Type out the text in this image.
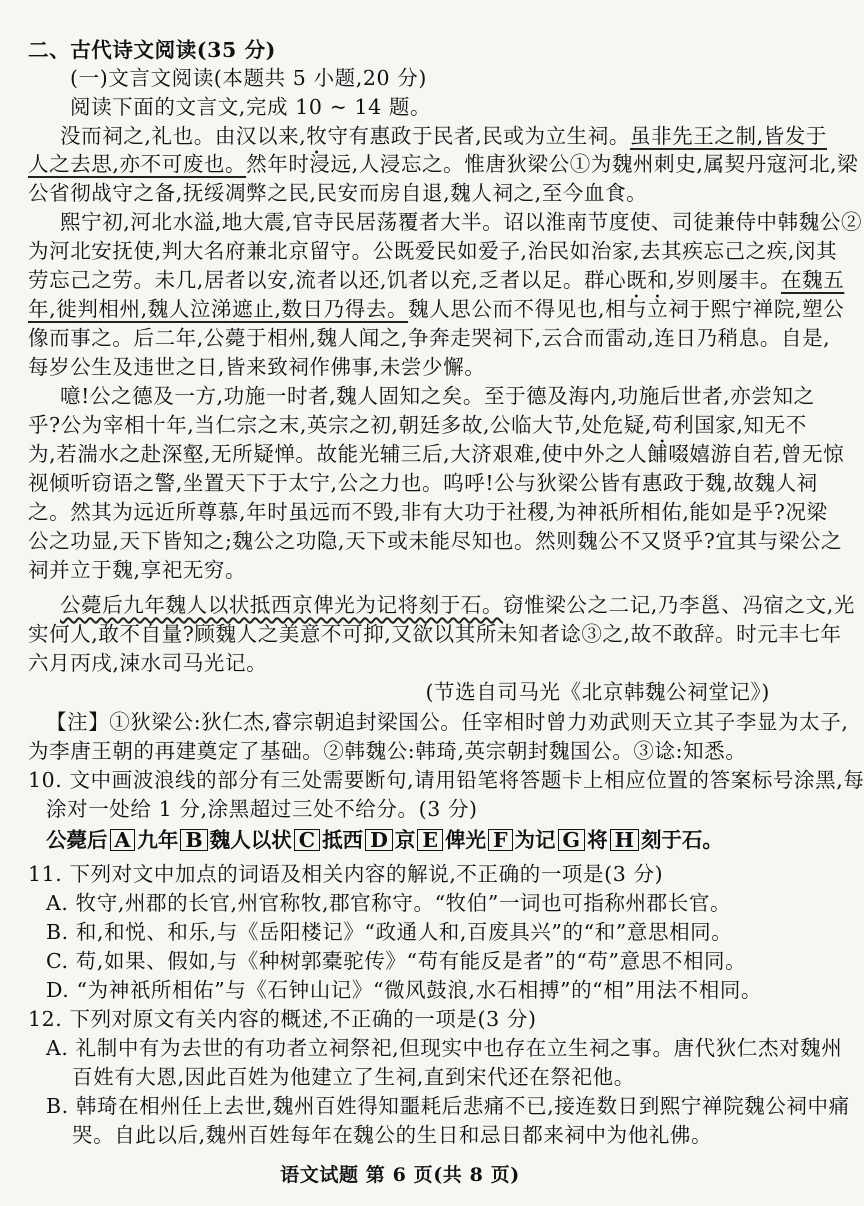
二、古代诗文阅读(35 分)
(一)文言文阅读(本题共 5 小题,20 分)
阅读下面的文言文,完成 10 ~ 14 题。
没而祠之,礼也。由汉以来,牧守有惠政于民者,民或为立生祠。虽非先王之制,皆发于
人之去思,亦不可废也。然年时浸远,人浸忘之。惟唐狄梁公①为魏州刺史,属契丹寇河北,梁
公省彻战守之备,抚绥凋弊之民,民安而房自退,魏人祠之,至今血食。
熙宁初,河北水溢,地大震,官寺民居荡覆者大半。诏以淮南节度使、司徒兼侍中韩魏公②
为河北安抚使,判大名府兼北京留守。公既爱民如爱子,治民如治家,去其疾忘己之疾,闵其
劳忘己之劳。未几,居者以安,流者以还,饥者以充,乏者以足。群心既和,岁则屡丰。在魏五
年,徙判相州,魏人泣涕遮止,数日乃得去。魏人思公而不得见也,相与立祠于熙宁禅院,塑公
像而事之。后二年,公薨于相州,魏人闻之,争奔走哭祠下,云合而雷动,连日乃稍息。自是,
每岁公生及违世之日,皆来致祠作佛事,未尝少懈。
噫!公之德及一方,功施一时者,魏人固知之矣。至于德及海内,功施后世者,亦尝知之
乎?公为宰相十年,当仁宗之末,英宗之初,朝廷多故,公临大节,处危疑,苟利国家,知无不
为,若湍水之赴深壑,无所疑惮。故能光辅三后,大济艰难,使中外之人餔啜嬉游自若,曾无惊
视倾听窃语之警,坐置天下于太宁,公之力也。呜呼!公与狄梁公皆有惠政于魏,故魏人祠
之。然其为远近所尊慕,年时虽远而不毁,非有大功于社稷,为神祇所相佑,能如是乎?况梁
公之功显,天下皆知之;魏公之功隐,天下或未能尽知也。然则魏公不又贤乎?宜其与梁公之
祠并立于魏,享祀无穷。
公薨后九年魏人以状抵西京俾光为记将刻于石。窃惟梁公之二记,乃李邕、冯宿之文,光
实何人,敢不自量?顾魏人之美意不可抑,又欲以其所未知者谂③之,故不敢辞。时元丰七年
六月丙戌,涑水司马光记。
(节选自司马光《北京韩魏公祠堂记》)
【注】①狄梁公:狄仁杰,睿宗朝追封梁国公。任宰相时曾力劝武则天立其子李显为太子,
为李唐王朝的再建奠定了基础。②韩魏公:韩琦,英宗朝封魏国公。③谂:知悉。
10. 文中画波浪线的部分有三处需要断句,请用铅笔将答题卡上相应位置的答案标号涂黑,每
涂对一处给 1 分,涂黑超过三处不给分。(3 分)
公薨后 A 九年 B 魏人以状 C 抵西 D 京 E 俾光 F 为记 G 将 H 刻于石。
11. 下列对文中加点的词语及相关内容的解说,不正确的一项是(3 分)
A. 牧守,州郡的长官,州官称牧,郡官称守。“牧伯”一词也可指称州郡长官。
B. 和,和悦、和乐,与《岳阳楼记》“政通人和,百废具兴”的“和”意思相同。
C. 苟,如果、假如,与《种树郭橐驼传》“苟有能反是者”的“苟”意思不相同。
D. “为神祇所相佑”与《石钟山记》“微风鼓浪,水石相搏”的“相”用法不相同。
12. 下列对原文有关内容的概述,不正确的一项是(3 分)
A. 礼制中有为去世的有功者立祠祭祀,但现实中也存在立生祠之事。唐代狄仁杰对魏州
百姓有大恩,因此百姓为他建立了生祠,直到宋代还在祭祀他。
B. 韩琦在相州任上去世,魏州百姓得知噩耗后悲痛不已,接连数日到熙宁禅院魏公祠中痛
哭。自此以后,魏州百姓每年在魏公的生日和忌日都来祠中为他礼佛。
语文试题 第 6 页(共 8 页)
